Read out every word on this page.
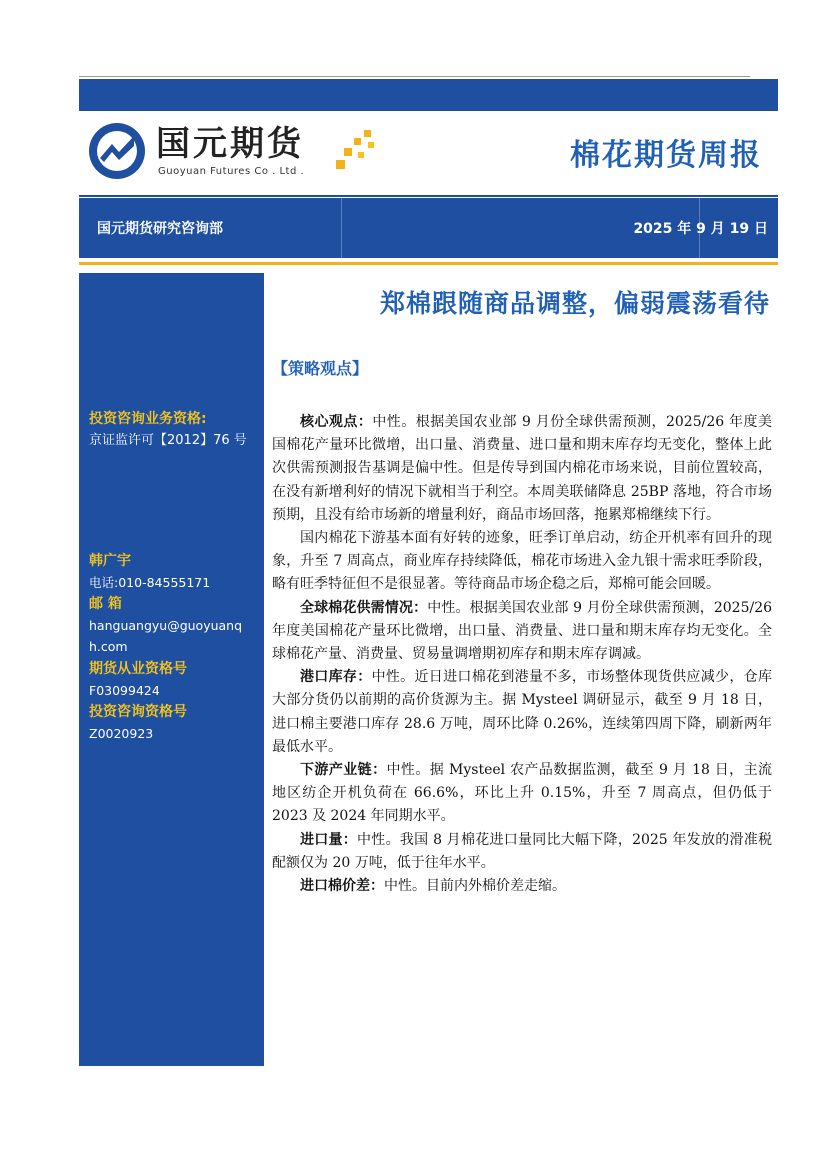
国元期货
Guoyuan Futures Co . Ltd .	棉花期货周报
国元期货研究咨询部	2025 年 9 月 19 日
投资咨询业务资格:
京证监许可【2012】76 号
韩广宇
电话:010-84555171
邮 箱
hanguangyu@guoyuanq
h.com
期货从业资格号
F03099424
投资咨询资格号
Z0020923
郑棉跟随商品调整，偏弱震荡看待
【策略观点】

核心观点：中性。根据美国农业部 9 月份全球供需预测，2025/26 年度美国棉花产量环比微增，出口量、消费量、进口量和期末库存均无变化，整体上此次供需预测报告基调是偏中性。但是传导到国内棉花市场来说，目前位置较高，在没有新增利好的情况下就相当于利空。本周美联储降息 25BP 落地，符合市场预期，且没有给市场新的增量利好，商品市场回落，拖累郑棉继续下行。

国内棉花下游基本面有好转的迹象，旺季订单启动，纺企开机率有回升的现象，升至 7 周高点，商业库存持续降低，棉花市场进入金九银十需求旺季阶段，略有旺季特征但不是很显著。等待商品市场企稳之后，郑棉可能会回暖。

全球棉花供需情况：中性。根据美国农业部 9 月份全球供需预测，2025/26 年度美国棉花产量环比微增，出口量、消费量、进口量和期末库存均无变化。全球棉花产量、消费量、贸易量调增期初库存和期末库存调减。

港口库存：中性。近日进口棉花到港量不多，市场整体现货供应减少，仓库大部分货仍以前期的高价货源为主。据 Mysteel 调研显示，截至 9 月 18 日，进口棉主要港口库存 28.6 万吨，周环比降 0.26%，连续第四周下降，刷新两年最低水平。

下游产业链：中性。据 Mysteel 农产品数据监测，截至 9 月 18 日，主流地区纺企开机负荷在 66.6%，环比上升 0.15%，升至 7 周高点，但仍低于 2023 及 2024 年同期水平。

进口量：中性。我国 8 月棉花进口量同比大幅下降，2025 年发放的滑准税配额仅为 20 万吨，低于往年水平。

进口棉价差：中性。目前内外棉价差走缩。
